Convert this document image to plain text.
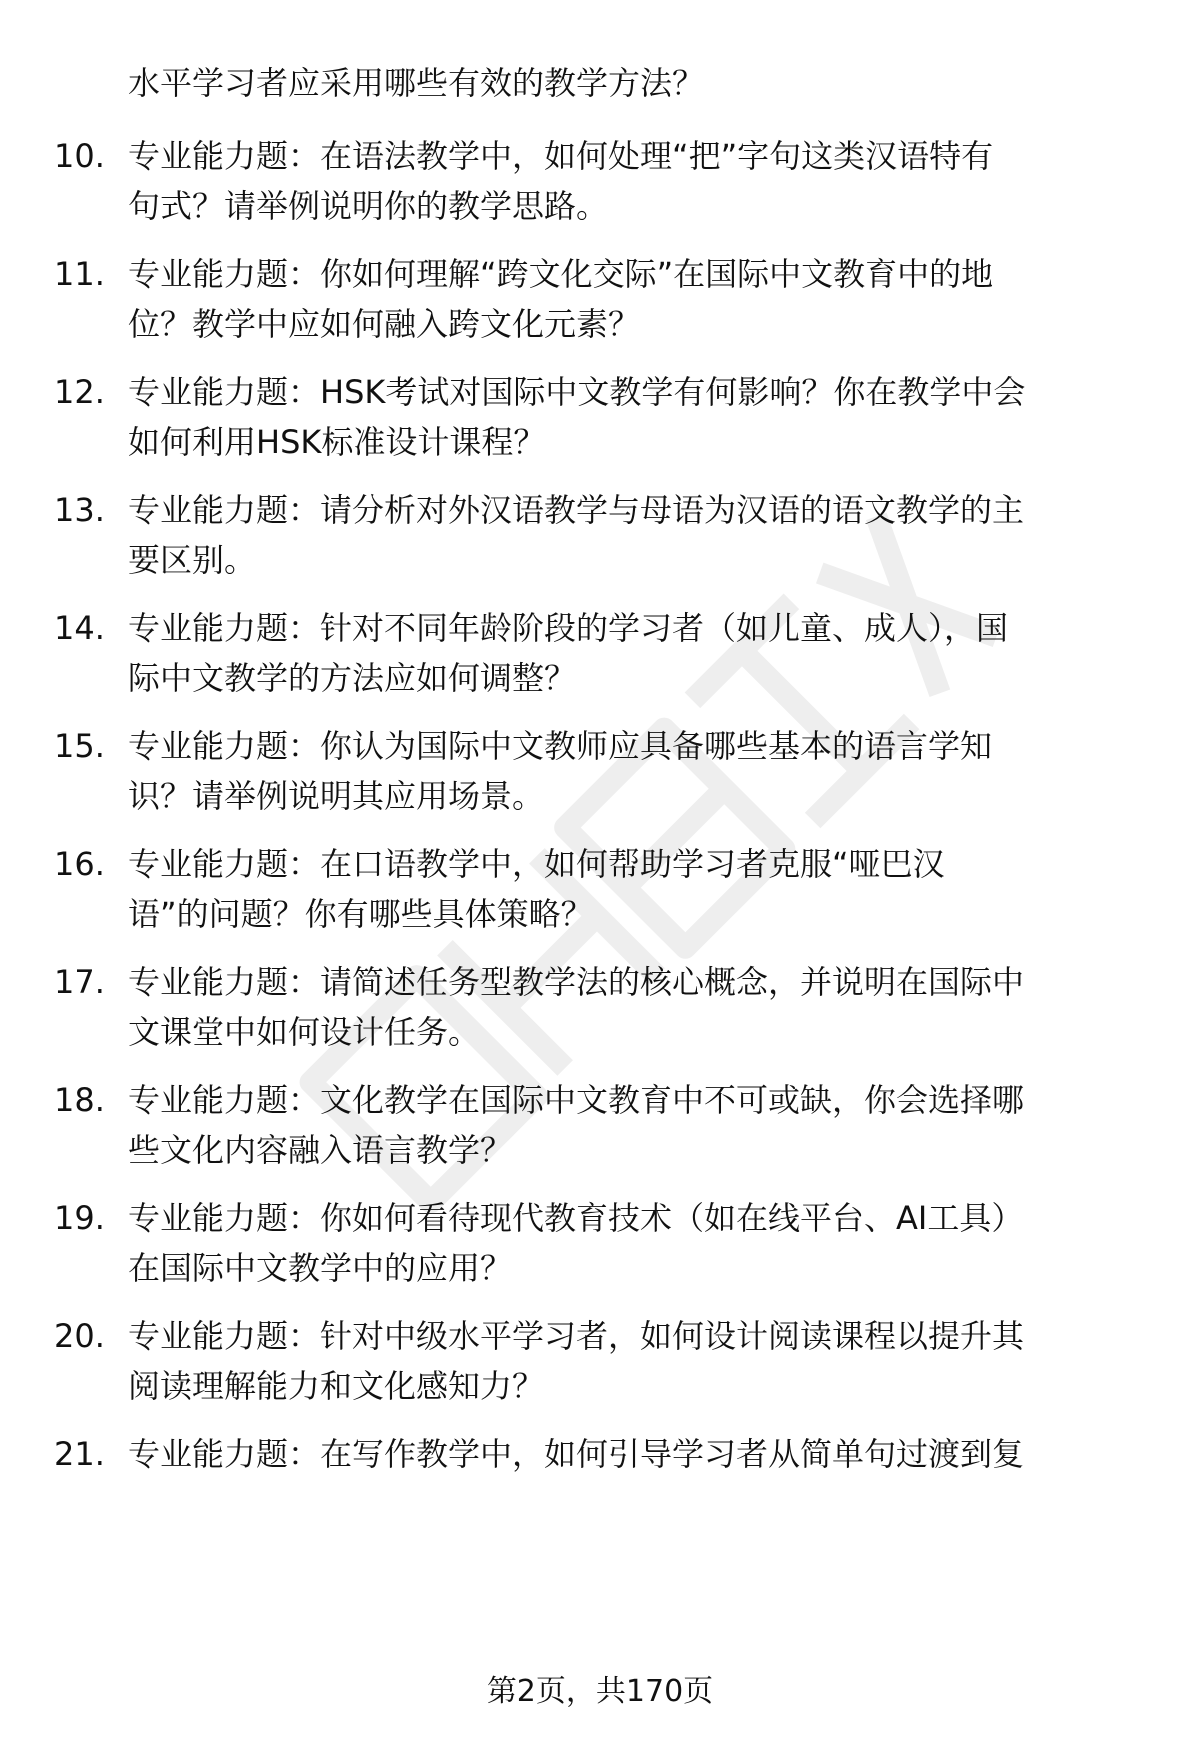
水平学习者应采用哪些有效的教学方法？

10. 专业能力题：在语法教学中，如何处理“把”字句这类汉语特有
句式？请举例说明你的教学思路。
11. 专业能力题：你如何理解“跨文化交际”在国际中文教育中的地
位？教学中应如何融入跨文化元素？
12. 专业能力题：HSK考试对国际中文教学有何影响？你在教学中会
如何利用HSK标准设计课程？
13. 专业能力题：请分析对外汉语教学与母语为汉语的语文教学的主
要区别。
14. 专业能力题：针对不同年龄阶段的学习者（如儿童、成人），国
际中文教学的方法应如何调整？
15. 专业能力题：你认为国际中文教师应具备哪些基本的语言学知
识？请举例说明其应用场景。
16. 专业能力题：在口语教学中，如何帮助学习者克服“哑巴汉
语”的问题？你有哪些具体策略？
17. 专业能力题：请简述任务型教学法的核心概念，并说明在国际中
文课堂中如何设计任务。
18. 专业能力题：文化教学在国际中文教育中不可或缺，你会选择哪
些文化内容融入语言教学？
19. 专业能力题：你如何看待现代教育技术（如在线平台、AI工具）
在国际中文教学中的应用？
20. 专业能力题：针对中级水平学习者，如何设计阅读课程以提升其
阅读理解能力和文化感知力？
21. 专业能力题：在写作教学中，如何引导学习者从简单句过渡到复
第2页，共170页
